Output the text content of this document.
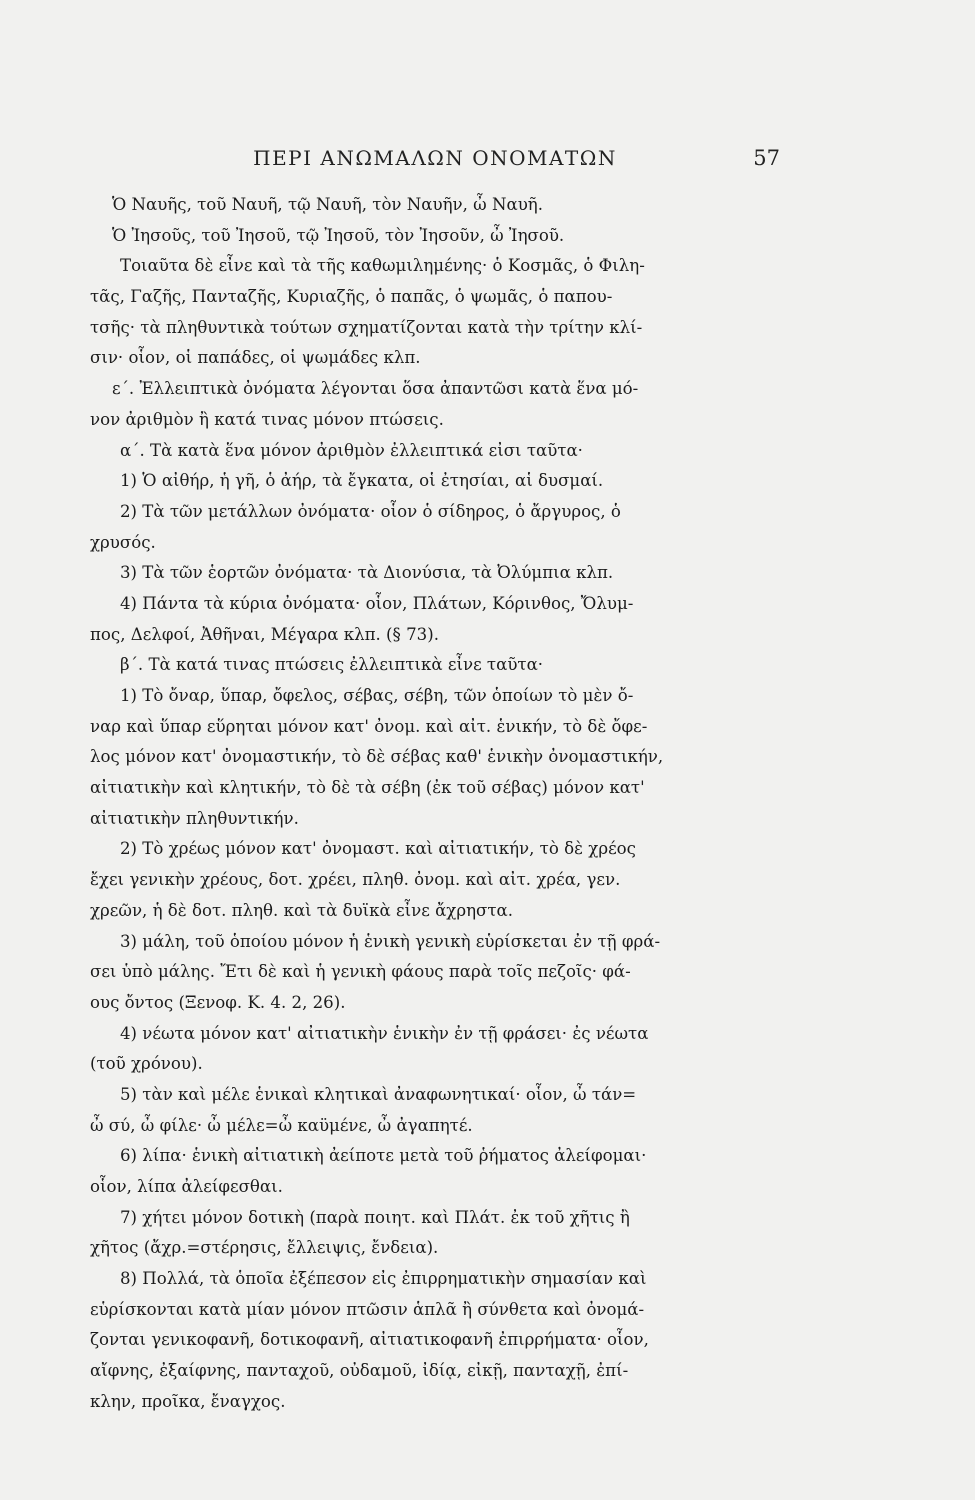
ΠΕΡΙ ΑΝΩΜΑΛΩΝ ΟΝΟΜΑΤΩΝ	57
Ὁ Ναυῆς, τοῦ Ναυῆ, τῷ Ναυῆ, τὸν Ναυῆν, ὦ Ναυῆ.
Ὁ Ἰησοῦς, τοῦ Ἰησοῦ, τῷ Ἰησοῦ, τὸν Ἰησοῦν, ὦ Ἰησοῦ.
Τοιαῦτα δὲ εἶνε καὶ τὰ τῆς καθωμιλημένης· ὁ Κοσμᾶς, ὁ Φιλη-
τᾶς, Γαζῆς, Πανταζῆς, Κυριαζῆς, ὁ παπᾶς, ὁ ψωμᾶς, ὁ παπου-
τσῆς· τὰ πληθυντικὰ τούτων σχηματίζονται κατὰ τὴν τρίτην κλί-
σιν· οἷον, οἱ παπάδες, οἱ ψωμάδες κλπ.
ε΄. Ἐλλειπτικὰ ὀνόματα λέγονται ὅσα ἀπαντῶσι κατὰ ἕνα μό-
νον ἀριθμὸν ἢ κατά τινας μόνον πτώσεις.
α΄. Τὰ κατὰ ἕνα μόνον ἀριθμὸν ἐλλειπτικά εἰσι ταῦτα·
1) Ὁ αἰθήρ, ἡ γῆ, ὁ ἀήρ, τὰ ἔγκατα, οἱ ἐτησίαι, αἱ δυσμαί.
2) Τὰ τῶν μετάλλων ὀνόματα· οἷον ὁ σίδηρος, ὁ ἄργυρος, ὁ
χρυσός.
3) Τὰ τῶν ἑορτῶν ὀνόματα· τὰ Διονύσια, τὰ Ὀλύμπια κλπ.
4) Πάντα τὰ κύρια ὀνόματα· οἷον, Πλάτων, Κόρινθος, Ὄλυμ-
πος, Δελφοί, Ἀθῆναι, Μέγαρα κλπ. (§ 73).
β΄. Τὰ κατά τινας πτώσεις ἐλλειπτικὰ εἶνε ταῦτα·
1) Τὸ ὄναρ, ὕπαρ, ὄφελος, σέβας, σέβη, τῶν ὁποίων τὸ μὲν ὄ-
ναρ καὶ ὕπαρ εὕρηται μόνον κατ' ὀνομ. καὶ αἰτ. ἑνικήν, τὸ δὲ ὄφε-
λος μόνον κατ' ὀνομαστικήν, τὸ δὲ σέβας καθ' ἑνικὴν ὀνομαστικήν,
αἰτιατικὴν καὶ κλητικήν, τὸ δὲ τὰ σέβη (ἐκ τοῦ σέβας) μόνον κατ'
αἰτιατικὴν πληθυντικήν.
2) Τὸ χρέως μόνον κατ' ὀνομαστ. καὶ αἰτιατικήν, τὸ δὲ χρέος
ἔχει γενικὴν χρέους, δοτ. χρέει, πληθ. ὀνομ. καὶ αἰτ. χρέα, γεν.
χρεῶν, ἡ δὲ δοτ. πληθ. καὶ τὰ δυϊκὰ εἶνε ἄχρηστα.
3) μάλη, τοῦ ὁποίου μόνον ἡ ἑνικὴ γενικὴ εὑρίσκεται ἐν τῇ φρά-
σει ὑπὸ μάλης. Ἔτι δὲ καὶ ἡ γενικὴ φάους παρὰ τοῖς πεζοῖς· φά-
ους ὄντος (Ξενοφ. Κ. 4. 2, 26).
4) νέωτα μόνον κατ' αἰτιατικὴν ἑνικὴν ἐν τῇ φράσει· ἐς νέωτα
(τοῦ χρόνου).
5) τὰν καὶ μέλε ἑνικαὶ κλητικαὶ ἀναφωνητικαί· οἷον, ὦ τάν=
ὦ σύ, ὦ φίλε· ὦ μέλε=ὦ καϋμένε, ὦ ἀγαπητέ.
6) λίπα· ἑνικὴ αἰτιατικὴ ἀείποτε μετὰ τοῦ ῥήματος ἀλείφομαι·
οἷον, λίπα ἀλείφεσθαι.
7) χήτει μόνον δοτικὴ (παρὰ ποιητ. καὶ Πλάτ. ἐκ τοῦ χῆτις ἢ
χῆτος (ἄχρ.=στέρησις, ἔλλειψις, ἔνδεια).
8) Πολλά, τὰ ὁποῖα ἐξέπεσον εἰς ἐπιρρηματικὴν σημασίαν καὶ
εὑρίσκονται κατὰ μίαν μόνον πτῶσιν ἁπλᾶ ἢ σύνθετα καὶ ὀνομά-
ζονται γενικοφανῆ, δοτικοφανῆ, αἰτιατικοφανῆ ἐπιρρήματα· οἷον,
αἴφνης, ἐξαίφνης, πανταχοῦ, οὐδαμοῦ, ἰδίᾳ, εἰκῇ, πανταχῇ, ἐπί-
κλην, προῖκα, ἔναγχος.
